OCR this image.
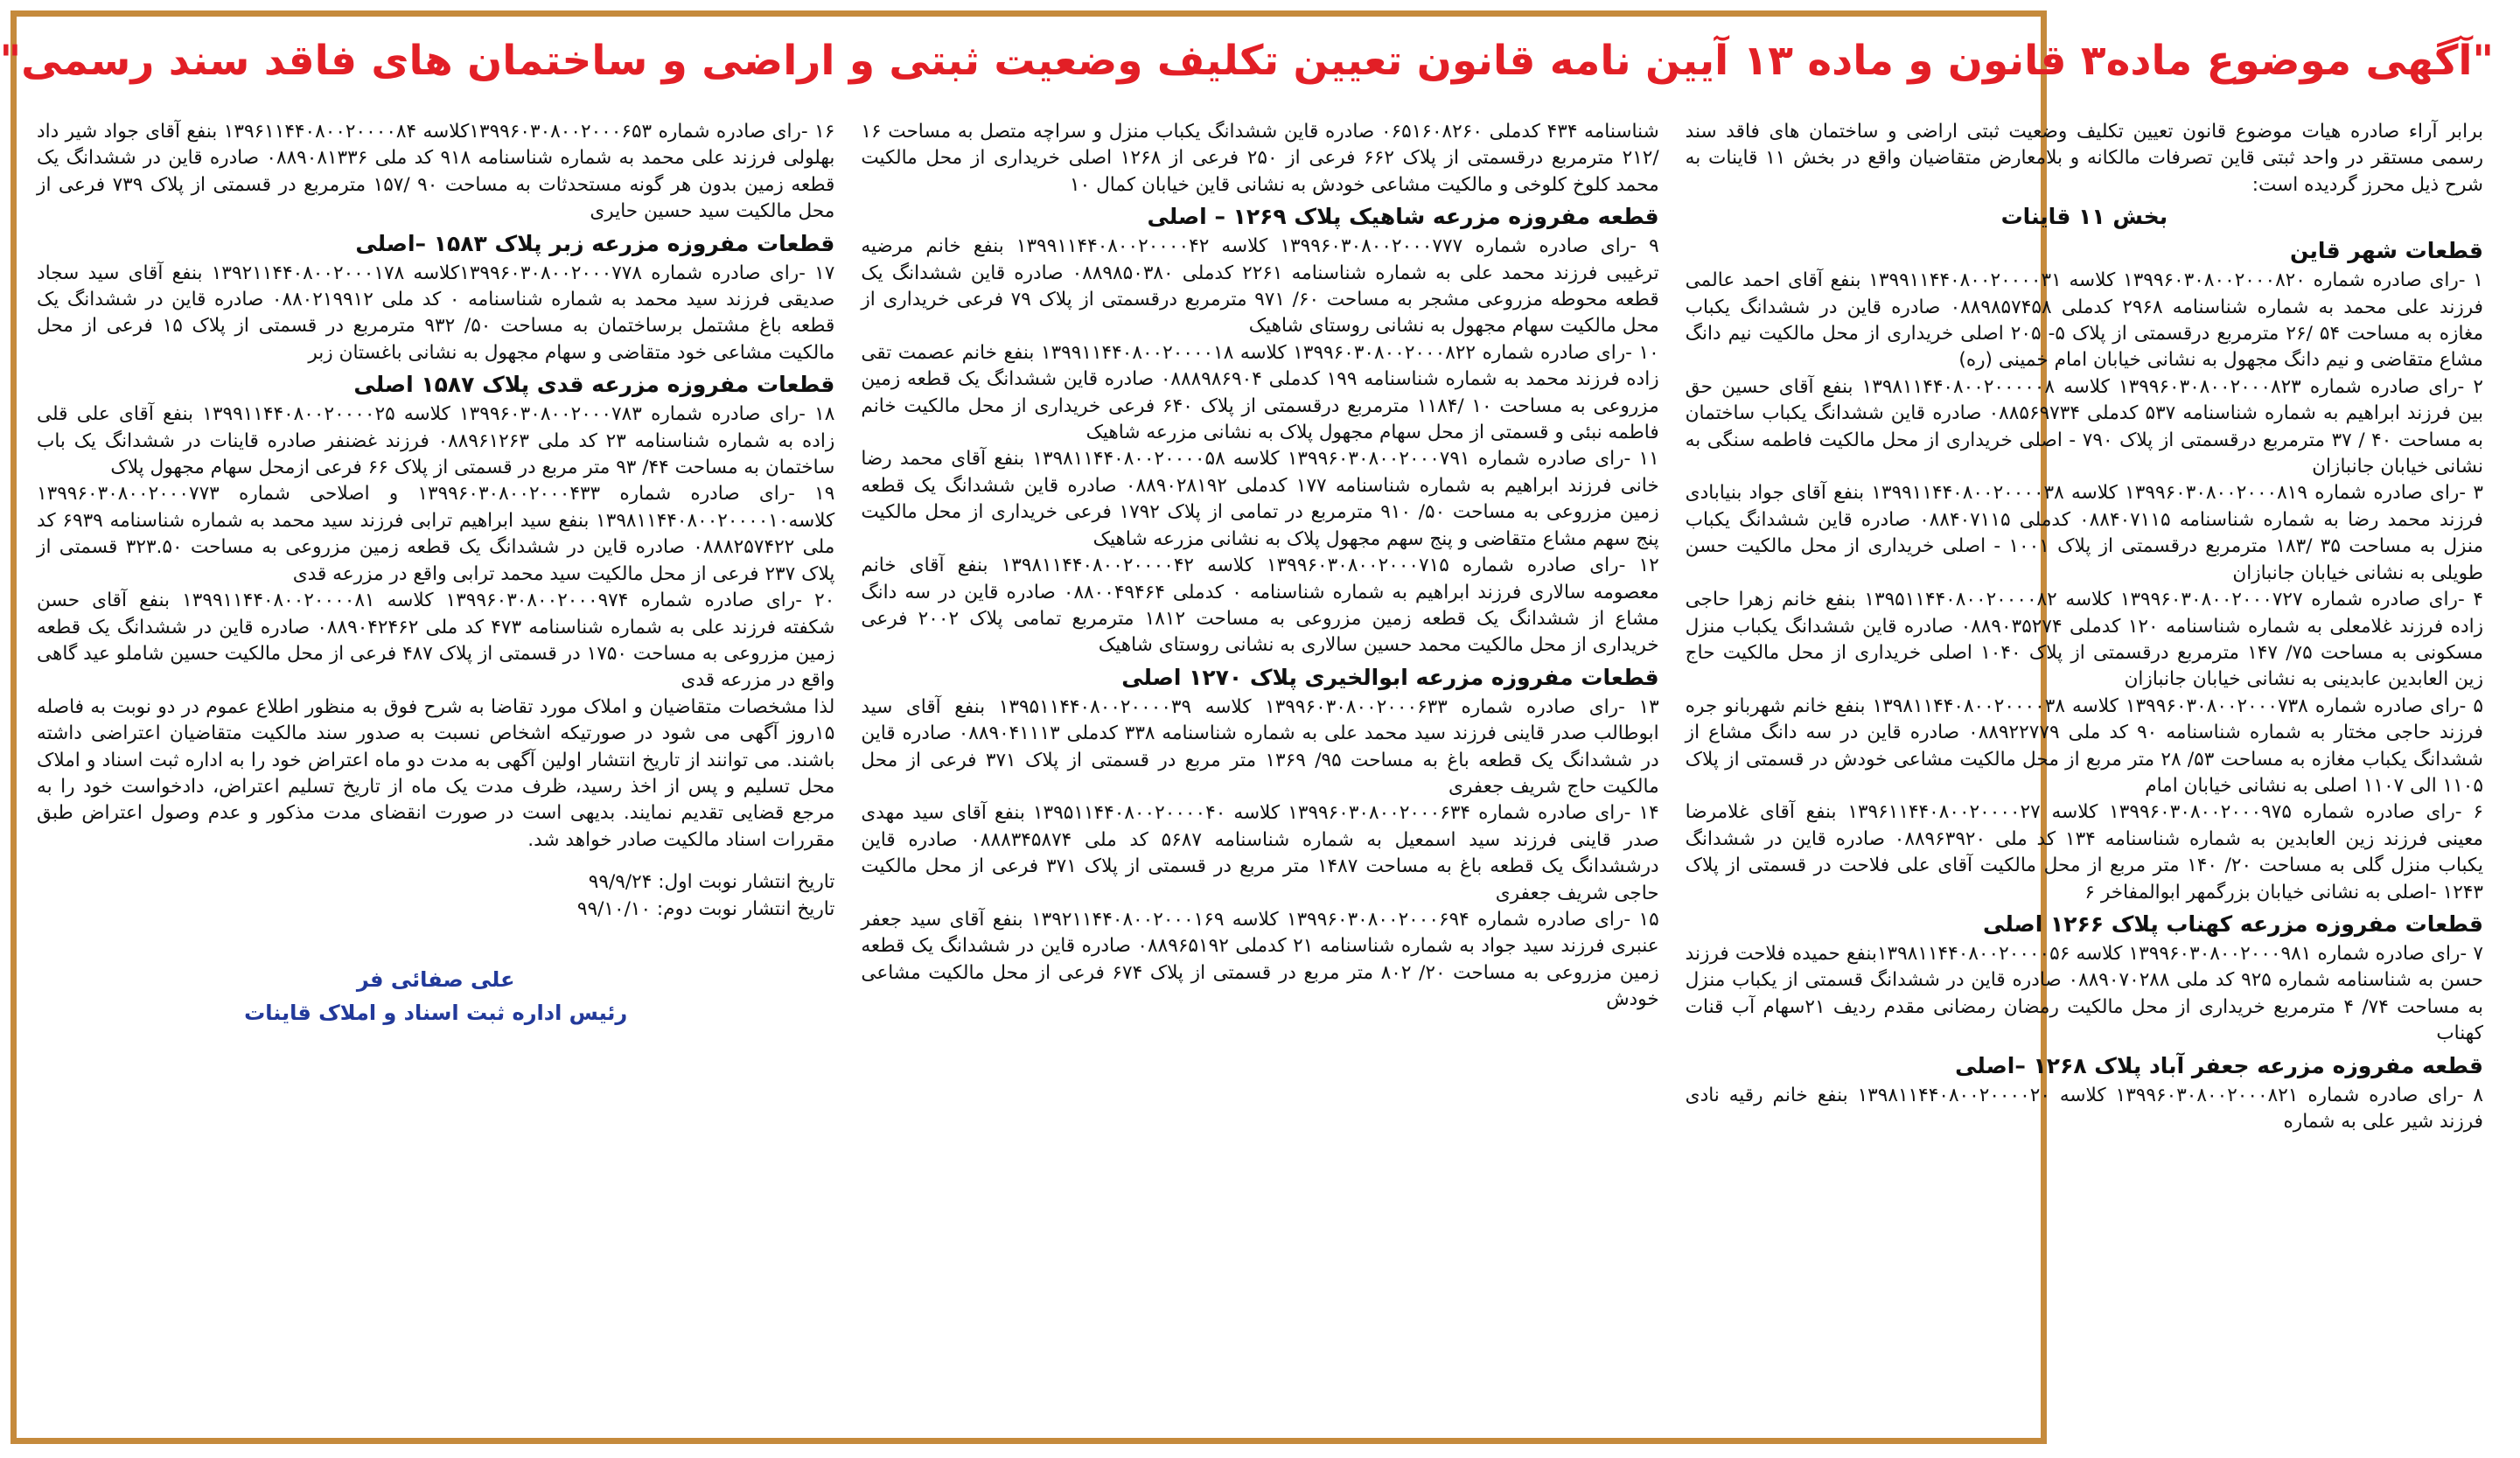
"آگهی موضوع ماده۳ قانون و ماده ۱۳ آیین نامه قانون تعیین تکلیف وضعیت ثبتی و اراضی و ساختمان های فاقد سند رسمی"

برابر آراء صادره هیات موضوع قانون تعیین تکلیف وضعیت ثبتی اراضی و ساختمان های فاقد سند رسمی مستقر در واحد ثبتی قاین تصرفات مالکانه و بلامعارض متقاضیان واقع در بخش ۱۱ قاینات به شرح ذیل محرز گردیده است:

بخش ۱۱ قاینات
قطعات شهر قاین

۱ -رای صادره شماره ۱۳۹۹۶۰۳۰۸۰۰۲۰۰۰۸۲۰ کلاسه ۱۳۹۹۱۱۴۴۰۸۰۰۲۰۰۰۰۳۱ بنفع آقای احمد عالمی فرزند علی محمد به شماره شناسنامه ۲۹۶۸ کدملی ۰۸۸۹۸۵۷۴۵۸ صادره قاین در ششدانگ یکباب مغازه به مساحت ۵۴ /۲۶ مترمربع درقسمتی از پلاک ۵- ۲۰۵ اصلی خریداری از محل مالکیت نیم دانگ مشاع متقاضی و نیم دانگ مجهول به نشانی خیابان امام خمینی (ره)

۲ -رای صادره شماره ۱۳۹۹۶۰۳۰۸۰۰۲۰۰۰۸۲۳ کلاسه ۱۳۹۸۱۱۴۴۰۸۰۰۲۰۰۰۰۰۸ بنفع آقای حسین حق بین فرزند ابراهیم به شماره شناسنامه ۵۳۷ کدملی ۰۸۸۵۶۹۷۳۴ صادره قاین ششدانگ یکباب ساختمان به مساحت ۴۰ / ۳۷ مترمربع درقسمتی از پلاک ۷۹۰ - اصلی خریداری از محل مالکیت فاطمه سنگی به نشانی خیابان جانبازان

۳ -رای صادره شماره ۱۳۹۹۶۰۳۰۸۰۰۲۰۰۰۸۱۹ کلاسه ۱۳۹۹۱۱۴۴۰۸۰۰۲۰۰۰۰۳۸ بنفع آقای جواد بنیابادی فرزند محمد رضا به شماره شناسنامه ۰۸۸۴۰۷۱۱۵ کدملی ۰۸۸۴۰۷۱۱۵ صادره قاین ششدانگ یکباب منزل به مساحت ۳۵ /۱۸۳ مترمربع درقسمتی از پلاک ۱۰۰۱ - اصلی خریداری از محل مالکیت حسن طویلی به نشانی خیابان جانبازان

۴ -رای صادره شماره ۱۳۹۹۶۰۳۰۸۰۰۲۰۰۰۷۲۷ کلاسه ۱۳۹۵۱۱۴۴۰۸۰۰۲۰۰۰۰۸۲ بنفع خانم زهرا حاجی زاده فرزند غلامعلی به شماره شناسنامه ۱۲۰ کدملی ۰۸۸۹۰۳۵۲۷۴ صادره قاین ششدانگ یکباب منزل مسکونی به مساحت ۷۵/ ۱۴۷ مترمربع درقسمتی از پلاک ۱۰۴۰ اصلی خریداری از محل مالکیت حاج زین العابدین عابدینی به نشانی خیابان جانبازان

۵ -رای صادره شماره ۱۳۹۹۶۰۳۰۸۰۰۲۰۰۰۷۳۸ کلاسه ۱۳۹۸۱۱۴۴۰۸۰۰۲۰۰۰۰۳۸ بنفع خانم شهربانو جره فرزند حاجی مختار به شماره شناسنامه ۹۰ کد ملی ۰۸۸۹۲۲۷۷۹ صادره قاین در سه دانگ مشاع از ششدانگ یکباب مغازه به مساحت ۵۳/ ۲۸ متر مربع از محل مالکیت مشاعی خودش در قسمتی از پلاک ۱۱۰۵ الی ۱۱۰۷ اصلی به نشانی خیابان امام

۶ -رای صادره شماره ۱۳۹۹۶۰۳۰۸۰۰۲۰۰۰۹۷۵ کلاسه ۱۳۹۶۱۱۴۴۰۸۰۰۲۰۰۰۰۲۷ بنفع آقای غلامرضا معینی فرزند زین العابدین به شماره شناسنامه ۱۳۴ کد ملی ۰۸۸۹۶۳۹۲۰ صادره قاین در ششدانگ یکباب منزل گلی به مساحت ۲۰/ ۱۴۰ متر مربع از محل مالکیت آقای علی فلاحت در قسمتی از پلاک ۱۲۴۳ -اصلی به نشانی خیابان بزرگمهر ابوالمفاخر ۶

قطعات مفروزه مزرعه کهناب پلاک ۱۲۶۶ اصلی

۷ -رای صادره شماره ۱۳۹۹۶۰۳۰۸۰۰۲۰۰۰۹۸۱ کلاسه ۱۳۹۸۱۱۴۴۰۸۰۰۲۰۰۰۰۵۶بنفع حمیده فلاحت فرزند حسن به شناسنامه شماره ۹۲۵ کد ملی ۰۸۸۹۰۷۰۲۸۸ صادره قاین در ششدانگ قسمتی از یکباب منزل به مساحت ۷۴/ ۴ مترمربع خریداری از محل مالکیت رمضان رمضانی مقدم ردیف ۲۱سهام آب قنات کهناب

قطعه مفروزه مزرعه جعفر آباد پلاک ۱۲۶۸ –اصلی

۸ -رای صادره شماره ۱۳۹۹۶۰۳۰۸۰۰۲۰۰۰۸۲۱ کلاسه ۱۳۹۸۱۱۴۴۰۸۰۰۲۰۰۰۰۲۰ بنفع خانم رقیه نادی فرزند شیر علی به شماره

شناسنامه ۴۳۴ کدملی ۰۶۵۱۶۰۸۲۶۰ صادره قاین ششدانگ یکباب منزل و سراچه متصل به مساحت ۱۶ /۲۱۲ مترمربع درقسمتی از پلاک ۶۶۲ فرعی از ۲۵۰ فرعی از ۱۲۶۸ اصلی خریداری از محل مالکیت محمد کلوخ کلوخی و مالکیت مشاعی خودش به نشانی قاین خیابان کمال ۱۰

قطعه مفروزه مزرعه شاهیک پلاک ۱۲۶۹ – اصلی

۹ -رای صادره شماره ۱۳۹۹۶۰۳۰۸۰۰۲۰۰۰۷۷۷ کلاسه ۱۳۹۹۱۱۴۴۰۸۰۰۲۰۰۰۰۴۲ بنفع خانم مرضیه ترغیبی فرزند محمد علی به شماره شناسنامه ۲۲۶۱ کدملی ۰۸۸۹۸۵۰۳۸۰ صادره قاین ششدانگ یک قطعه محوطه مزروعی مشجر به مساحت ۶۰/ ۹۷۱ مترمربع درقسمتی از پلاک ۷۹ فرعی خریداری از محل مالکیت سهام مجهول به نشانی روستای شاهیک

۱۰ -رای صادره شماره ۱۳۹۹۶۰۳۰۸۰۰۲۰۰۰۸۲۲ کلاسه ۱۳۹۹۱۱۴۴۰۸۰۰۲۰۰۰۰۱۸ بنفع خانم عصمت تقی زاده فرزند محمد به شماره شناسنامه ۱۹۹ کدملی ۰۸۸۸۹۸۶۹۰۴ صادره قاین ششدانگ یک قطعه زمین مزروعی به مساحت ۱۰ /۱۱۸۴ مترمربع درقسمتی از پلاک ۶۴۰ فرعی خریداری از محل مالکیت خانم فاطمه نبئی و قسمتی از محل سهام مجهول پلاک به نشانی مزرعه شاهیک

۱۱ -رای صادره شماره ۱۳۹۹۶۰۳۰۸۰۰۲۰۰۰۷۹۱ کلاسه ۱۳۹۸۱۱۴۴۰۸۰۰۲۰۰۰۰۵۸ بنفع آقای محمد رضا خانی فرزند ابراهیم به شماره شناسنامه ۱۷۷ کدملی ۰۸۸۹۰۲۸۱۹۲ صادره قاین ششدانگ یک قطعه زمین مزروعی به مساحت ۵۰/ ۹۱۰ مترمربع در تمامی از پلاک ۱۷۹۲ فرعی خریداری از محل مالکیت پنج سهم مشاع متقاضی و پنج سهم مجهول پلاک به نشانی مزرعه شاهیک

۱۲ -رای صادره شماره ۱۳۹۹۶۰۳۰۸۰۰۲۰۰۰۷۱۵ کلاسه ۱۳۹۸۱۱۴۴۰۸۰۰۲۰۰۰۰۴۲ بنفع آقای خانم معصومه سالاری فرزند ابراهیم به شماره شناسنامه ۰ کدملی ۰۸۸۰۰۴۹۴۶۴ صادره قاین در سه دانگ مشاع از ششدانگ یک قطعه زمین مزروعی به مساحت ۱۸۱۲ مترمربع تمامی پلاک ۲۰۰۲ فرعی خریداری از محل مالکیت محمد حسین سالاری به نشانی روستای شاهیک

قطعات مفروزه مزرعه ابوالخیری پلاک ۱۲۷۰ اصلی

۱۳ -رای صادره شماره ۱۳۹۹۶۰۳۰۸۰۰۲۰۰۰۶۳۳ کلاسه ۱۳۹۵۱۱۴۴۰۸۰۰۲۰۰۰۰۳۹ بنفع آقای سید ابوطالب صدر قاینی فرزند سید محمد علی به شماره شناسنامه ۳۳۸ کدملی ۰۸۸۹۰۴۱۱۱۳ صادره قاین در ششدانگ یک قطعه باغ به مساحت ۹۵/ ۱۳۶۹ متر مربع در قسمتی از پلاک ۳۷۱ فرعی از محل مالکیت حاج شریف جعفری

۱۴ -رای صادره شماره ۱۳۹۹۶۰۳۰۸۰۰۲۰۰۰۶۳۴ کلاسه ۱۳۹۵۱۱۴۴۰۸۰۰۲۰۰۰۰۴۰ بنفع آقای سید مهدی صدر قاینی فرزند سید اسمعیل به شماره شناسنامه ۵۶۸۷ کد ملی ۰۸۸۸۳۴۵۸۷۴ صادره قاین درششدانگ یک قطعه باغ به مساحت ۱۴۸۷ متر مربع در قسمتی از پلاک ۳۷۱ فرعی از محل مالکیت حاجی شریف جعفری

۱۵ -رای صادره شماره ۱۳۹۹۶۰۳۰۸۰۰۲۰۰۰۶۹۴ کلاسه ۱۳۹۲۱۱۴۴۰۸۰۰۲۰۰۰۱۶۹ بنفع آقای سید جعفر عنبری فرزند سید جواد به شماره شناسنامه ۲۱ کدملی ۰۸۸۹۶۵۱۹۲ صادره قاین در ششدانگ یک قطعه زمین مزروعی به مساحت ۲۰/ ۸۰۲ متر مربع در قسمتی از پلاک ۶۷۴ فرعی از محل مالکیت مشاعی خودش

۱۶ -رای صادره شماره ۱۳۹۹۶۰۳۰۸۰۰۲۰۰۰۶۵۳کلاسه ۱۳۹۶۱۱۴۴۰۸۰۰۲۰۰۰۰۸۴ بنفع آقای جواد شیر داد بهلولی فرزند علی محمد به شماره شناسنامه ۹۱۸ کد ملی ۰۸۸۹۰۸۱۳۳۶ صادره قاین در ششدانگ یک قطعه زمین بدون هر گونه مستحدثات به مساحت ۹۰ /۱۵۷ مترمربع در قسمتی از پلاک ۷۳۹ فرعی از محل مالکیت سید حسین حایری

قطعات مفروزه مزرعه زبر پلاک ۱۵۸۳ –اصلی

۱۷ -رای صادره شماره ۱۳۹۹۶۰۳۰۸۰۰۲۰۰۰۷۷۸کلاسه ۱۳۹۲۱۱۴۴۰۸۰۰۲۰۰۰۱۷۸ بنفع آقای سید سجاد صدیقی فرزند سید محمد به شماره شناسنامه ۰ کد ملی ۰۸۸۰۲۱۹۹۱۲ صادره قاین در ششدانگ یک قطعه باغ مشتمل برساختمان به مساحت ۵۰/ ۹۳۲ مترمربع در قسمتی از پلاک ۱۵ فرعی از محل مالکیت مشاعی خود متقاضی و سهام مجهول به نشانی باغستان زبر

قطعات مفروزه مزرعه قدی پلاک ۱۵۸۷ اصلی

۱۸ -رای صادره شماره ۱۳۹۹۶۰۳۰۸۰۰۲۰۰۰۷۸۳ کلاسه ۱۳۹۹۱۱۴۴۰۸۰۰۲۰۰۰۰۲۵ بنفع آقای علی قلی زاده به شماره شناسنامه ۲۳ کد ملی ۰۸۸۹۶۱۲۶۳ فرزند غضنفر صادره قاینات در ششدانگ یک باب ساختمان به مساحت ۴۴/ ۹۳ متر مربع در قسمتی از پلاک ۶۶ فرعی ازمحل سهام مجهول پلاک

۱۹ -رای صادره شماره ۱۳۹۹۶۰۳۰۸۰۰۲۰۰۰۴۳۳ و اصلاحی شماره ۱۳۹۹۶۰۳۰۸۰۰۲۰۰۰۷۷۳ کلاسه۱۳۹۸۱۱۴۴۰۸۰۰۲۰۰۰۰۱۰ بنفع سید ابراهیم ترابی فرزند سید محمد به شماره شناسنامه ۶۹۳۹ کد ملی ۰۸۸۸۲۵۷۴۲۲ صادره قاین در ششدانگ یک قطعه زمین مزروعی به مساحت ۳۲۳.۵۰ قسمتی از پلاک ۲۳۷ فرعی از محل مالکیت سید محمد ترابی واقع در مزرعه قدی

۲۰ -رای صادره شماره ۱۳۹۹۶۰۳۰۸۰۰۲۰۰۰۹۷۴ کلاسه ۱۳۹۹۱۱۴۴۰۸۰۰۲۰۰۰۰۸۱ بنفع آقای حسن شکفته فرزند علی به شماره شناسنامه ۴۷۳ کد ملی ۰۸۸۹۰۴۲۴۶۲ صادره قاین در ششدانگ یک قطعه زمین مزروعی به مساحت ۱۷۵۰ در قسمتی از پلاک ۴۸۷ فرعی از محل مالکیت حسین شاملو عید گاهی واقع در مزرعه قدی

لذا مشخصات متقاضیان و املاک مورد تقاضا به شرح فوق به منظور اطلاع عموم در دو نوبت به فاصله ۱۵روز آگهی می شود در صورتیکه اشخاص نسبت به صدور سند مالکیت متقاضیان اعتراضی داشته باشند. می توانند از تاریخ انتشار اولین آگهی به مدت دو ماه اعتراض خود را به اداره ثبت اسناد و املاک محل تسلیم و پس از اخذ رسید، ظرف مدت یک ماه از تاریخ تسلیم اعتراض، دادخواست خود را به مرجع قضایی تقدیم نمایند. بدیهی است در صورت انقضای مدت مذکور و عدم وصول اعتراض طبق مقررات اسناد مالکیت صادر خواهد شد.

تاریخ انتشار نوبت اول: ۹۹/۹/۲۴
تاریخ انتشار نوبت دوم: ۹۹/۱۰/۱۰
علی صفائی فر
رئیس اداره ثبت اسناد و املاک قاینات
